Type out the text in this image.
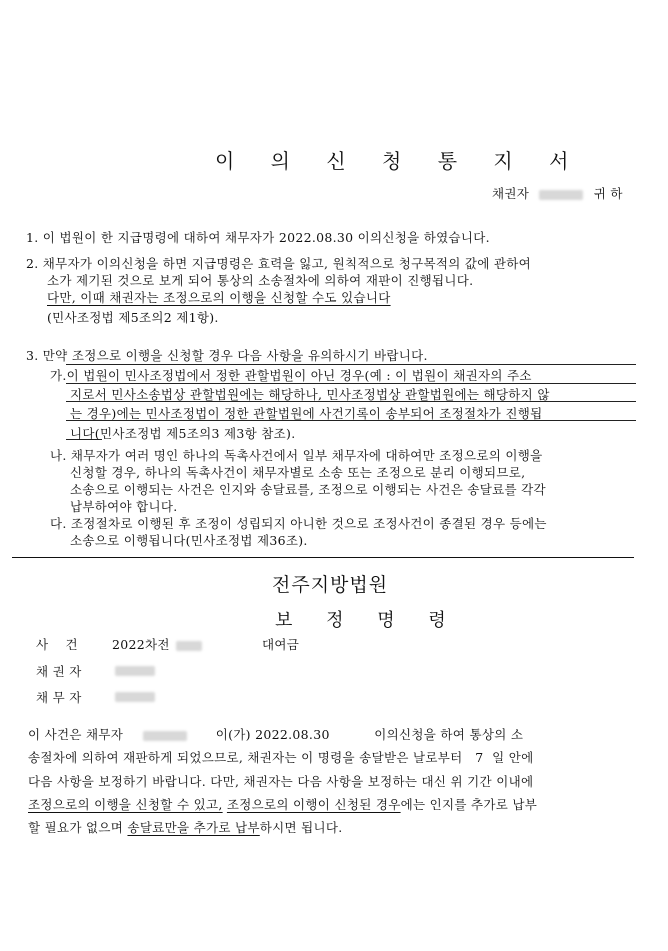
이 의 신 청 통 지 서
채권자	귀 하
1. 이 법원이 한 지급명령에 대하여 채무자가 2022.08.30 이의신청을 하였습니다.
2. 채무자가 이의신청을 하면 지급명령은 효력을 잃고, 원칙적으로 청구목적의 값에 관하여
소가 제기된 것으로 보게 되어 통상의 소송절차에 의하여 재판이 진행됩니다.
다만, 이때 채권자는 조정으로의 이행을 신청할 수도 있습니다
(민사조정법 제5조의2 제1항).
3. 만약 조정으로 이행을 신청할 경우 다음 사항을 유의하시기 바랍니다.
가.이 법원이 민사조정법에서 정한 관할법원이 아닌 경우(예 : 이 법원이 채권자의 주소
지로서 민사소송법상 관할법원에는 해당하나, 민사조정법상 관할법원에는 해당하지 않
는 경우)에는 민사조정법이 정한 관할법원에 사건기록이 송부되어 조정절차가 진행됩
니다(민사조정법 제5조의3 제3항 참조).
나. 채무자가 여러 명인 하나의 독촉사건에서 일부 채무자에 대하여만 조정으로의 이행을
신청할 경우, 하나의 독촉사건이 채무자별로 소송 또는 조정으로 분리 이행되므로,
소송으로 이행되는 사건은 인지와 송달료를, 조정으로 이행되는 사건은 송달료를 각각
납부하여야 합니다.
다. 조정절차로 이행된 후 조정이 성립되지 아니한 것으로 조정사건이 종결된 경우 등에는
소송으로 이행됩니다(민사조정법 제36조).
전주지방법원
보 정 명 령
사    건	2022차전	대여금
채 권 자
채 무 자
이 사건은 채무자	이(가) 2022.08.30	이의신청을 하여 통상의 소
송절차에 의하여 재판하게 되었으므로, 채권자는 이 명령을 송달받은 날로부터   7  일 안에
다음 사항을 보정하기 바랍니다. 다만, 채권자는 다음 사항을 보정하는 대신 위 기간 이내에
조정으로의 이행을 신청할 수 있고, 조정으로의 이행이 신청된 경우에는 인지를 추가로 납부
할 필요가 없으며 송달료만을 추가로 납부하시면 됩니다.
